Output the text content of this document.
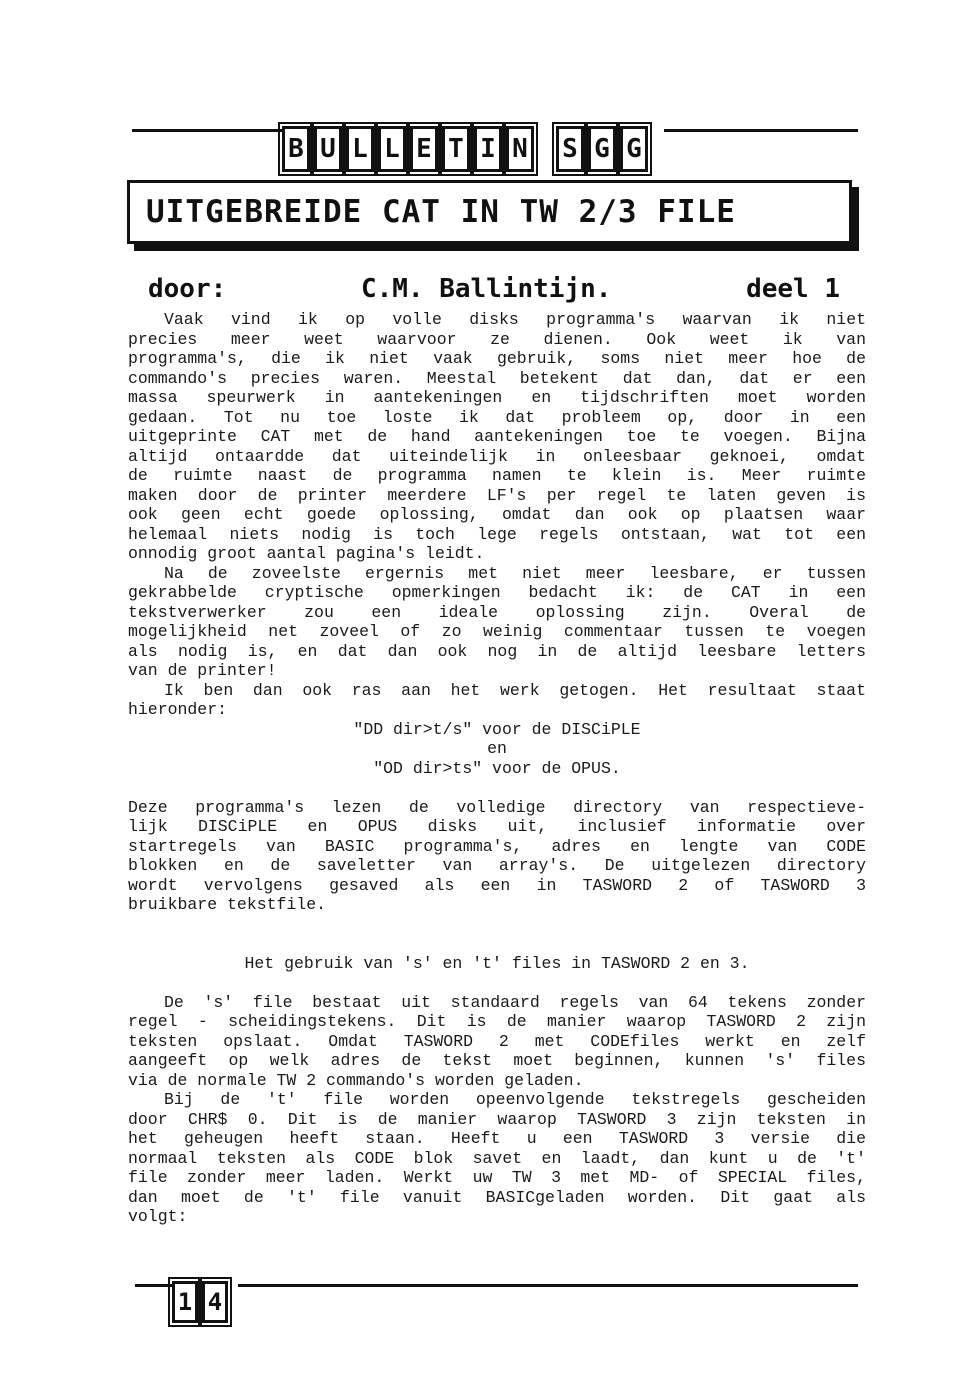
B U L L E T I N S G G
UITGEBREIDE CAT IN TW 2/3 FILE
door:	C.M. Ballintijn.	deel 1
Vaak vind ik op volle disks programma's waarvan ik niet
precies meer weet waarvoor ze dienen. Ook weet ik van
programma's, die ik niet vaak gebruik, soms niet meer hoe de
commando's precies waren. Meestal betekent dat dan, dat er een
massa speurwerk in aantekeningen en tijdschriften moet worden
gedaan. Tot nu toe loste ik dat probleem op, door in een
uitgeprinte CAT met de hand aantekeningen toe te voegen. Bijna
altijd ontaardde dat uiteindelijk in onleesbaar geknoei, omdat
de ruimte naast de programma namen te klein is. Meer ruimte
maken door de printer meerdere LF's per regel te laten geven is
ook geen echt goede oplossing, omdat dan ook op plaatsen waar
helemaal niets nodig is toch lege regels ontstaan, wat tot een
onnodig groot aantal pagina's leidt.
Na de zoveelste ergernis met niet meer leesbare, er tussen
gekrabbelde cryptische opmerkingen bedacht ik: de CAT in een
tekstverwerker zou een ideale oplossing zijn. Overal de
mogelijkheid net zoveel of zo weinig commentaar tussen te voegen
als nodig is, en dat dan ook nog in de altijd leesbare letters
van de printer!
Ik ben dan ook ras aan het werk getogen. Het resultaat staat
hieronder:
"DD dir>t/s" voor de DISCiPLE
en
"OD dir>ts" voor de OPUS.
Deze programma's lezen de volledige directory van respectieve-
lijk DISCiPLE en OPUS disks uit, inclusief informatie over
startregels van BASIC programma's, adres en lengte van CODE
blokken en de saveletter van array's. De uitgelezen directory
wordt vervolgens gesaved als een in TASWORD 2 of TASWORD 3
bruikbare tekstfile.
Het gebruik van 's' en 't' files in TASWORD 2 en 3.
De 's' file bestaat uit standaard regels van 64 tekens zonder
regel - scheidingstekens. Dit is de manier waarop TASWORD 2 zijn
teksten opslaat. Omdat TASWORD 2 met CODEfiles werkt en zelf
aangeeft op welk adres de tekst moet beginnen, kunnen 's' files
via de normale TW 2 commando's worden geladen.
Bij de 't' file worden opeenvolgende tekstregels gescheiden
door CHR$ 0. Dit is de manier waarop TASWORD 3 zijn teksten in
het geheugen heeft staan. Heeft u een TASWORD 3 versie die
normaal teksten als CODE blok savet en laadt, dan kunt u de 't'
file zonder meer laden. Werkt uw TW 3 met MD- of SPECIAL files,
dan moet de 't' file vanuit BASICgeladen worden. Dit gaat als
volgt:
1 4
